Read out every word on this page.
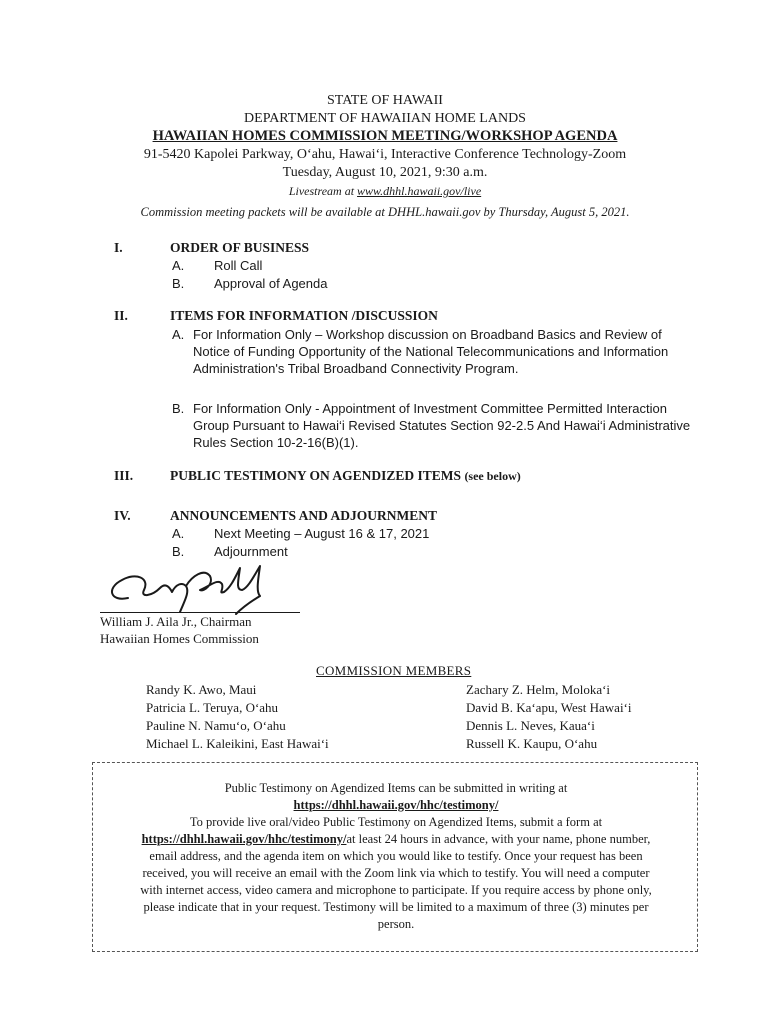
STATE OF HAWAII
DEPARTMENT OF HAWAIIAN HOME LANDS
HAWAIIAN HOMES COMMISSION MEETING/WORKSHOP AGENDA
91-5420 Kapolei Parkway, O‘ahu, Hawai‘i, Interactive Conference Technology-Zoom
Tuesday, August 10, 2021, 9:30 a.m.
Livestream at www.dhhl.hawaii.gov/live
Commission meeting packets will be available at DHHL.hawaii.gov by Thursday, August 5, 2021.
I.	ORDER OF BUSINESS
A. Roll Call
B. Approval of Agenda
II.	ITEMS FOR INFORMATION /DISCUSSION
A. For Information Only – Workshop discussion on Broadband Basics and Review of Notice of Funding Opportunity of the National Telecommunications and Information Administration's Tribal Broadband Connectivity Program.
B. For Information Only - Appointment of Investment Committee Permitted Interaction Group Pursuant to Hawai‘i Revised Statutes Section 92-2.5 And Hawai‘i Administrative Rules Section 10-2-16(B)(1).
III.	PUBLIC TESTIMONY ON AGENDIZED ITEMS (see below)
IV.	ANNOUNCEMENTS AND ADJOURNMENT
A. Next Meeting – August 16 & 17, 2021
B. Adjournment
William J. Aila Jr., Chairman
Hawaiian Homes Commission
COMMISSION MEMBERS
Randy K. Awo, Maui
Patricia L. Teruya, O‘ahu
Pauline N. Namu‘o, O‘ahu
Michael L. Kaleikini, East Hawai‘i
Zachary Z. Helm, Moloka‘i
David B. Ka‘apu, West Hawai‘i
Dennis L. Neves, Kaua‘i
Russell K. Kaupu, O‘ahu
Public Testimony on Agendized Items can be submitted in writing at
https://dhhl.hawaii.gov/hhc/testimony/
To provide live oral/video Public Testimony on Agendized Items, submit a form at
https://dhhl.hawaii.gov/hhc/testimony/at least 24 hours in advance, with your name, phone number,
email address, and the agenda item on which you would like to testify. Once your request has been
received, you will receive an email with the Zoom link via which to testify. You will need a computer
with internet access, video camera and microphone to participate. If you require access by phone only,
please indicate that in your request. Testimony will be limited to a maximum of three (3) minutes per
person.
